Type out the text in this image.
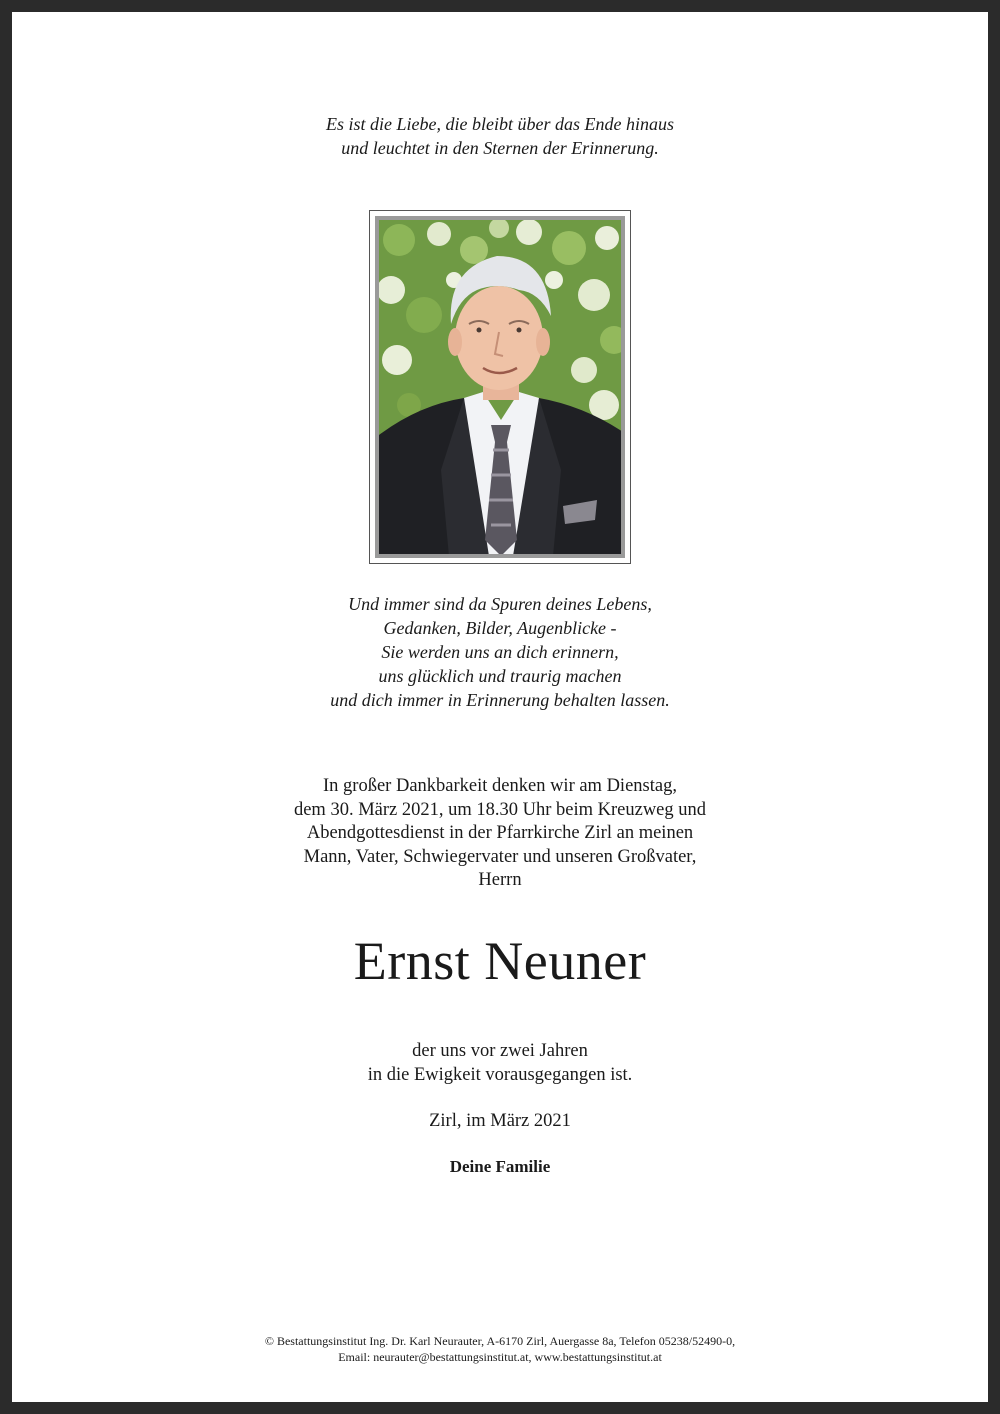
Es ist die Liebe, die bleibt über das Ende hinaus
und leuchtet in den Sternen der Erinnerung.
Und immer sind da Spuren deines Lebens,
Gedanken, Bilder, Augenblicke -
Sie werden uns an dich erinnern,
uns glücklich und traurig machen
und dich immer in Erinnerung behalten lassen.
In großer Dankbarkeit denken wir am Dienstag,
dem 30. März 2021, um 18.30 Uhr beim Kreuzweg und
Abendgottesdienst in der Pfarrkirche Zirl an meinen
Mann, Vater, Schwiegervater und unseren Großvater,
Herrn
Ernst Neuner
der uns vor zwei Jahren
in die Ewigkeit vorausgegangen ist.
Zirl, im März 2021
Deine Familie
© Bestattungsinstitut Ing. Dr. Karl Neurauter, A-6170 Zirl, Auergasse 8a, Telefon 05238/52490-0,
Email: neurauter@bestattungsinstitut.at, www.bestattungsinstitut.at
